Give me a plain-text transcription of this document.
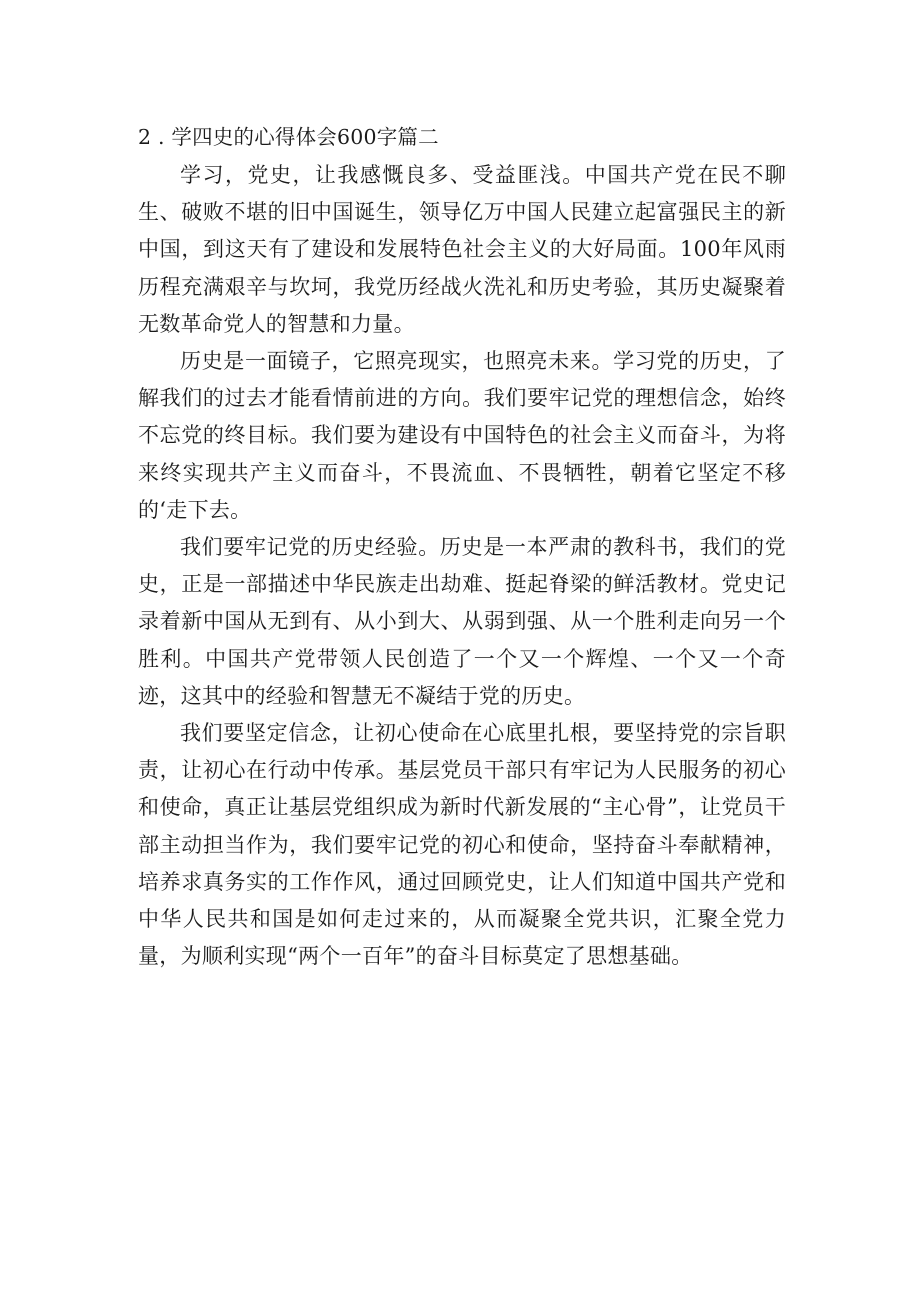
2 . 学四史的心得体会600字篇二

学习，党史，让我感慨良多、受益匪浅。中国共产党在民不聊生、破败不堪的旧中国诞生，领导亿万中国人民建立起富强民主的新中国，到这天有了建设和发展特色社会主义的大好局面。100年风雨历程充满艰辛与坎坷，我党历经战火洗礼和历史考验，其历史凝聚着无数革命党人的智慧和力量。

历史是一面镜子，它照亮现实，也照亮未来。学习党的历史，了解我们的过去才能看情前进的方向。我们要牢记党的理想信念，始终不忘党的终目标。我们要为建设有中国特色的社会主义而奋斗，为将来终实现共产主义而奋斗，不畏流血、不畏牺牲，朝着它坚定不移的‘走下去。

我们要牢记党的历史经验。历史是一本严肃的教科书，我们的党史，正是一部描述中华民族走出劫难、挺起脊梁的鲜活教材。党史记录着新中国从无到有、从小到大、从弱到强、从一个胜利走向另一个胜利。中国共产党带领人民创造了一个又一个辉煌、一个又一个奇迹，这其中的经验和智慧无不凝结于党的历史。

我们要坚定信念，让初心使命在心底里扎根，要坚持党的宗旨职责，让初心在行动中传承。基层党员干部只有牢记为人民服务的初心和使命，真正让基层党组织成为新时代新发展的“主心骨”，让党员干部主动担当作为，我们要牢记党的初心和使命，坚持奋斗奉献精神，培养求真务实的工作作风，通过回顾党史，让人们知道中国共产党和中华人民共和国是如何走过来的，从而凝聚全党共识，汇聚全党力量，为顺利实现“两个一百年”的奋斗目标莫定了思想基础。
